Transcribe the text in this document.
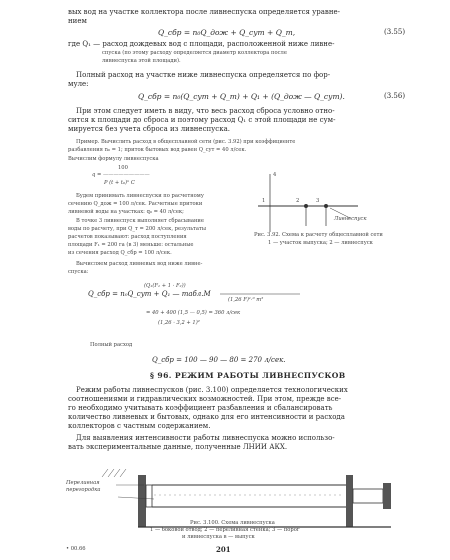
вых вод на участке коллектора после ливнеспуска определяется уравне-
нием
Q_сбр = n₀Q_дож + Q_сут + Q_т,	(3.55)
где Q₁ — расход дождевых вод с площади, расположенной ниже ливне-
спуска (по этому расходу определяется диаметр коллектора после
ливнеспуска этой площади).
Полный расход на участке ниже ливнеспуска определяется по фор-
муле:
Q_сбр = n₀(Q_сут + Q_т) + Q₁ + (Q_дож — Q_сут).	(3.56)
При этом следует иметь в виду, что весь расход сброса условно отно-
сится к площади до сброса и поэтому расход Q₁ с этой площади не сум-
мируется без учета сброса из ливнеспуска.
Пример. Вычислить расход в общесплавной сети (рис. 3.92) при коэффициенте
разбавления n₀ = 1; приток бытовых вод равен Q_сут = 40 л/сек.
Вычислим формулу ливнеспуска
100
q = —————————
P (t + t₀)ⁿ С
Будем принимать ливнеспуски по расчетному
сечению Q_дож = 100 л/сек. Расчетные притоки
ливневой воды на участках: q₀ = 40 л/сек;
В точке 3 ливнеспуск выполняет сбрасывание
воды по расчету, при Q_т = 200 л/сек, результаты
расчетов показывают: расход поступления
площади F₁ = 200 га (в 3) меньше: остальные
из сечения расход Q_сбр = 100 л/сек.
Вычисляем расход ливневых вод ниже ливне-
спуска:
1	2	3
4
Ливнеспуск
Рис. 3.92. Схема к расчету общесплавной сети
1 — участок выпуска; 2 — ливнеспуск
(Q₁(F₁ + 1 · F₂))
Q_сбр = n₀Q_сут + Q₁ — табл.М
(1,26 F)¹·⁰ m²
= 40 + 400 (1,5 — 0,5) = 360 л/сек
(1,26 · 3,2 + 1)²
Полный расход
Q_сбр = 100 — 90 — 80 = 270 л/сек.
§ 96. РЕЖИМ РАБОТЫ ЛИВНЕСПУСКОВ
Режим работы ливнеспусков (рис. 3.100) определяется технологических
соотношениями и гидравлических возможностей. При этом, прежде все-
го необходимо учитывать коэффициент разбавления и сбалансировать
количество ливневых и бытовых, однако для его интенсивности и расхода
коллекторов с частным содержанием.
Для выявления интенсивности работы ливнеспуска можно использо-
вать экспериментальные данные, полученные ЛНИИ АКХ.
Переливная
перегородка
Рис. 3.100. Схема ливнеспуска
1 — боковой отвод; 2 — переливная стенка; 3 — порог
и ливнеспуска в — выпуск
• 00.66	201
